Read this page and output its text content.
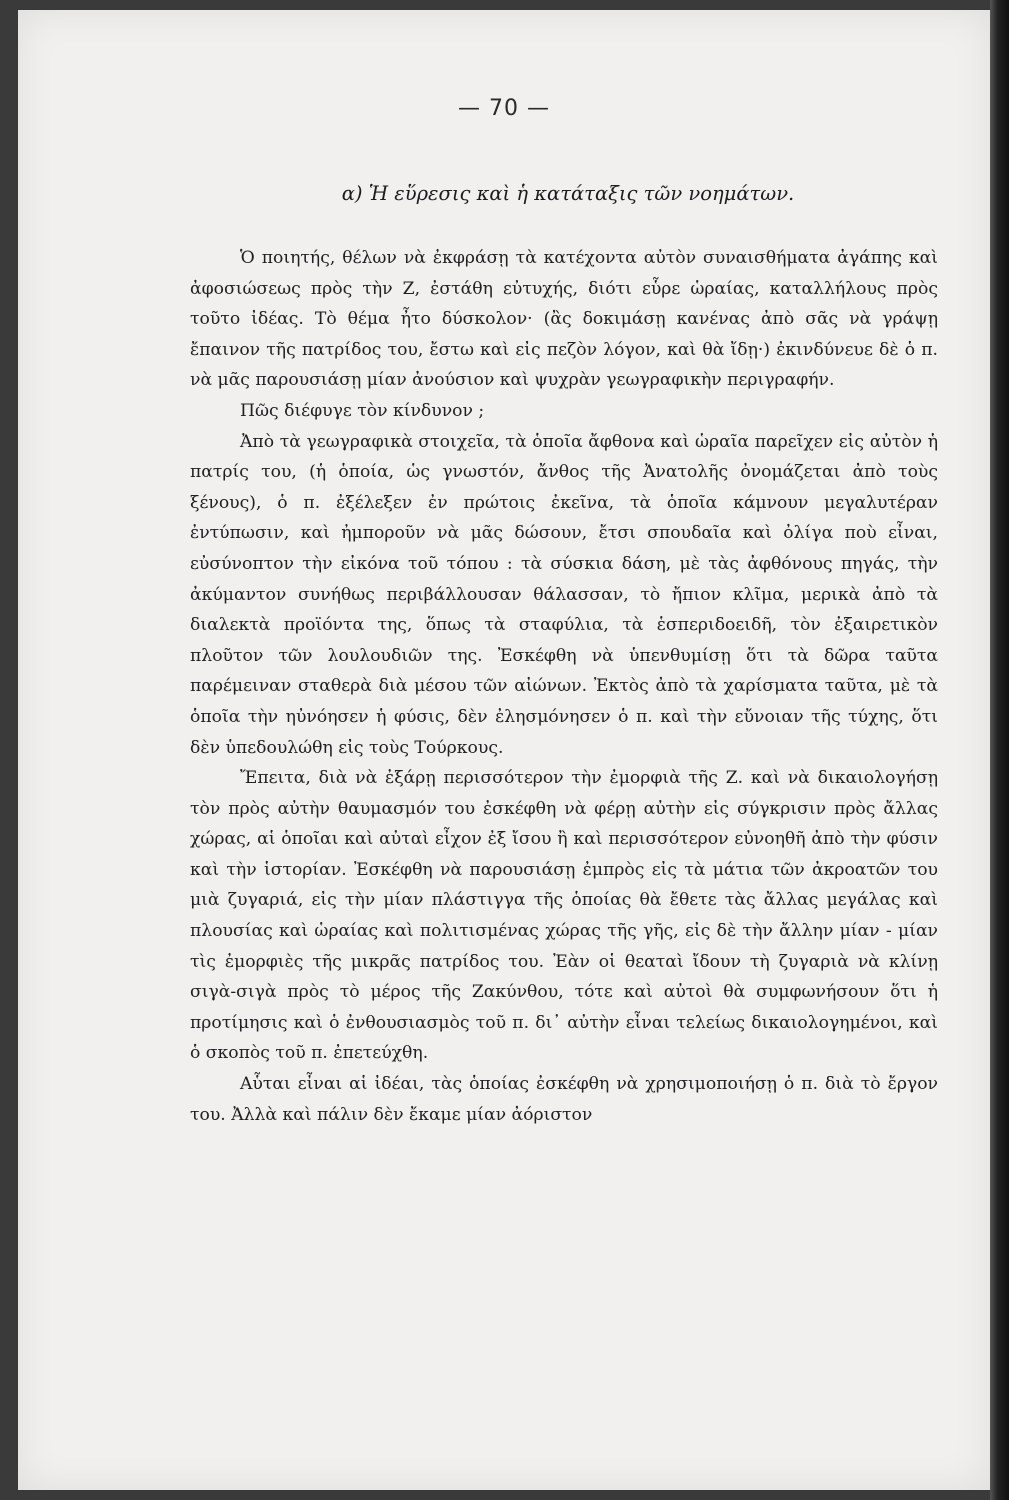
— 70 —
α) Ἡ εὕρεσις καὶ ἡ κατάταξις τῶν νοημάτων.

Ὁ ποιητής, θέλων νὰ ἐκφράσῃ τὰ κατέχοντα αὐτὸν συναισθήματα ἀγάπης καὶ ἀφοσιώσεως πρὸς τὴν Ζ, ἐστάθη εὐτυχής, διότι εὗρε ὡραίας, καταλλήλους πρὸς τοῦτο ἰδέας. Τὸ θέμα ἦτο δύσκολον· (ἂς δοκιμάσῃ κανένας ἀπὸ σᾶς νὰ γράψῃ ἔπαινον τῆς πατρίδος του, ἔστω καὶ εἰς πεζὸν λόγον, καὶ θὰ ἴδῃ·) ἐκινδύνευε δὲ ὁ π. νὰ μᾶς παρουσιάσῃ μίαν ἀνούσιον καὶ ψυχρὰν γεωγραφικὴν περιγραφήν.

Πῶς διέφυγε τὸν κίνδυνον ;

Ἀπὸ τὰ γεωγραφικὰ στοιχεῖα, τὰ ὁποῖα ἄφθονα καὶ ὡραῖα παρεῖχεν εἰς αὐτὸν ἡ πατρίς του, (ἡ ὁποία, ὡς γνωστόν, ἄνθος τῆς Ἀνατολῆς ὀνομάζεται ἀπὸ τοὺς ξένους), ὁ π. ἐξέλεξεν ἐν πρώτοις ἐκεῖνα, τὰ ὁποῖα κάμνουν μεγαλυτέραν ἐντύπωσιν, καὶ ἠμποροῦν νὰ μᾶς δώσουν, ἔτσι σπουδαῖα καὶ ὀλίγα ποὺ εἶναι, εὐσύνοπτον τὴν εἰκόνα τοῦ τόπου : τὰ σύσκια δάση, μὲ τὰς ἀφθόνους πηγάς, τὴν ἀκύμαντον συνήθως περιβάλλουσαν θάλασσαν, τὸ ἤπιον κλῖμα, μερικὰ ἀπὸ τὰ διαλεκτὰ προϊόντα της, ὅπως τὰ σταφύλια, τὰ ἑσπεριδοειδῆ, τὸν ἐξαιρετικὸν πλοῦτον τῶν λουλουδιῶν της. Ἐσκέφθη νὰ ὑπενθυμίσῃ ὅτι τὰ δῶρα ταῦτα παρέμειναν σταθερὰ διὰ μέσου τῶν αἰώνων. Ἐκτὸς ἀπὸ τὰ χαρίσματα ταῦτα, μὲ τὰ ὁποῖα τὴν ηὐνόησεν ἡ φύσις, δὲν ἐλησμόνησεν ὁ π. καὶ τὴν εὔνοιαν τῆς τύχης, ὅτι δὲν ὑπεδουλώθη εἰς τοὺς Τούρκους.

Ἔπειτα, διὰ νὰ ἐξάρῃ περισσότερον τὴν ἐμορφιὰ τῆς Ζ. καὶ νὰ δικαιολογήσῃ τὸν πρὸς αὐτὴν θαυμασμόν του ἐσκέφθη νὰ φέρῃ αὐτὴν εἰς σύγκρισιν πρὸς ἄλλας χώρας, αἱ ὁποῖαι καὶ αὐταὶ εἶχον ἐξ ἴσου ἢ καὶ περισσότερον εὐνοηθῆ ἀπὸ τὴν φύσιν καὶ τὴν ἱστορίαν. Ἐσκέφθη νὰ παρουσιάσῃ ἐμπρὸς εἰς τὰ μάτια τῶν ἀκροατῶν του μιὰ ζυγαριά, εἰς τὴν μίαν πλάστιγγα τῆς ὁποίας θὰ ἔθετε τὰς ἄλλας μεγάλας καὶ πλουσίας καὶ ὡραίας καὶ πολιτισμένας χώρας τῆς γῆς, εἰς δὲ τὴν ἄλλην μίαν - μίαν τὶς ἐμορφιὲς τῆς μικρᾶς πατρίδος του. Ἐὰν οἱ θεαταὶ ἴδουν τὴ ζυγαριὰ νὰ κλίνῃ σιγὰ-σιγὰ πρὸς τὸ μέρος τῆς Ζακύνθου, τότε καὶ αὐτοὶ θὰ συμφωνήσουν ὅτι ἡ προτίμησις καὶ ὁ ἐνθουσιασμὸς τοῦ π. δι᾽ αὐτὴν εἶναι τελείως δικαιολογημένοι, καὶ ὁ σκοπὸς τοῦ π. ἐπετεύχθη.

Αὗται εἶναι αἱ ἰδέαι, τὰς ὁποίας ἐσκέφθη νὰ χρησιμοποιήσῃ ὁ π. διὰ τὸ ἔργον του. Ἀλλὰ καὶ πάλιν δὲν ἔκαμε μίαν ἀόριστον
